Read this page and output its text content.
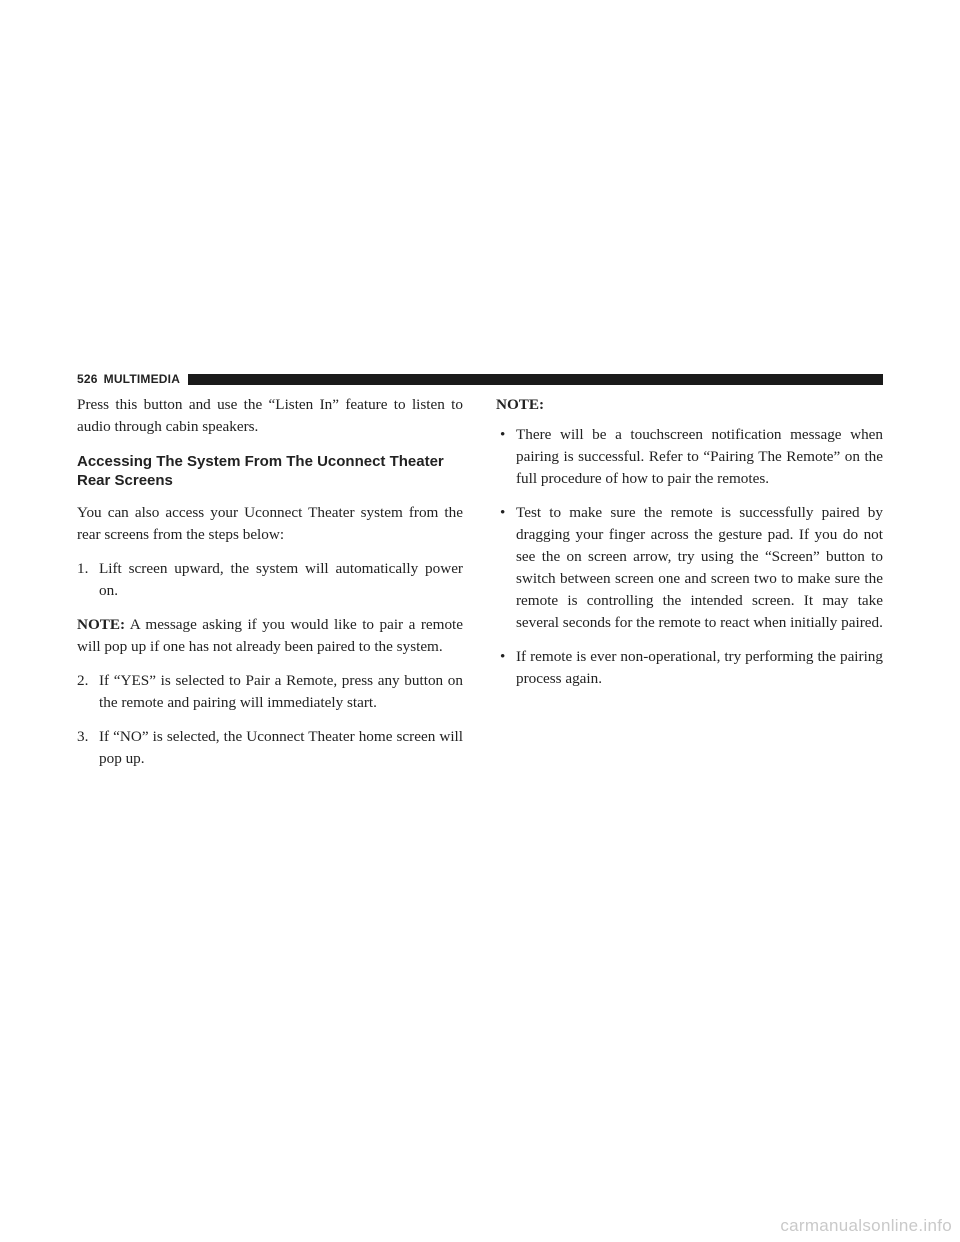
526 MULTIMEDIA

Press this button and use the “Listen In” feature to listen to audio through cabin speakers.

Accessing The System From The Uconnect Theater Rear Screens

You can also access your Uconnect Theater system from the rear screens from the steps below:

1. Lift screen upward, the system will automatically power on.

NOTE: A message asking if you would like to pair a remote will pop up if one has not already been paired to the system.

2. If “YES” is selected to Pair a Remote, press any button on the remote and pairing will immediately start.
3. If “NO” is selected, the Uconnect Theater home screen will pop up.
NOTE:
• There will be a touchscreen notification message when pairing is successful. Refer to “Pairing The Remote” on the full procedure of how to pair the remotes.
• Test to make sure the remote is successfully paired by dragging your finger across the gesture pad. If you do not see the on screen arrow, try using the “Screen” button to switch between screen one and screen two to make sure the remote is controlling the intended screen. It may take several seconds for the remote to react when initially paired.
• If remote is ever non-operational, try performing the pairing process again.
carmanualsonline.info
